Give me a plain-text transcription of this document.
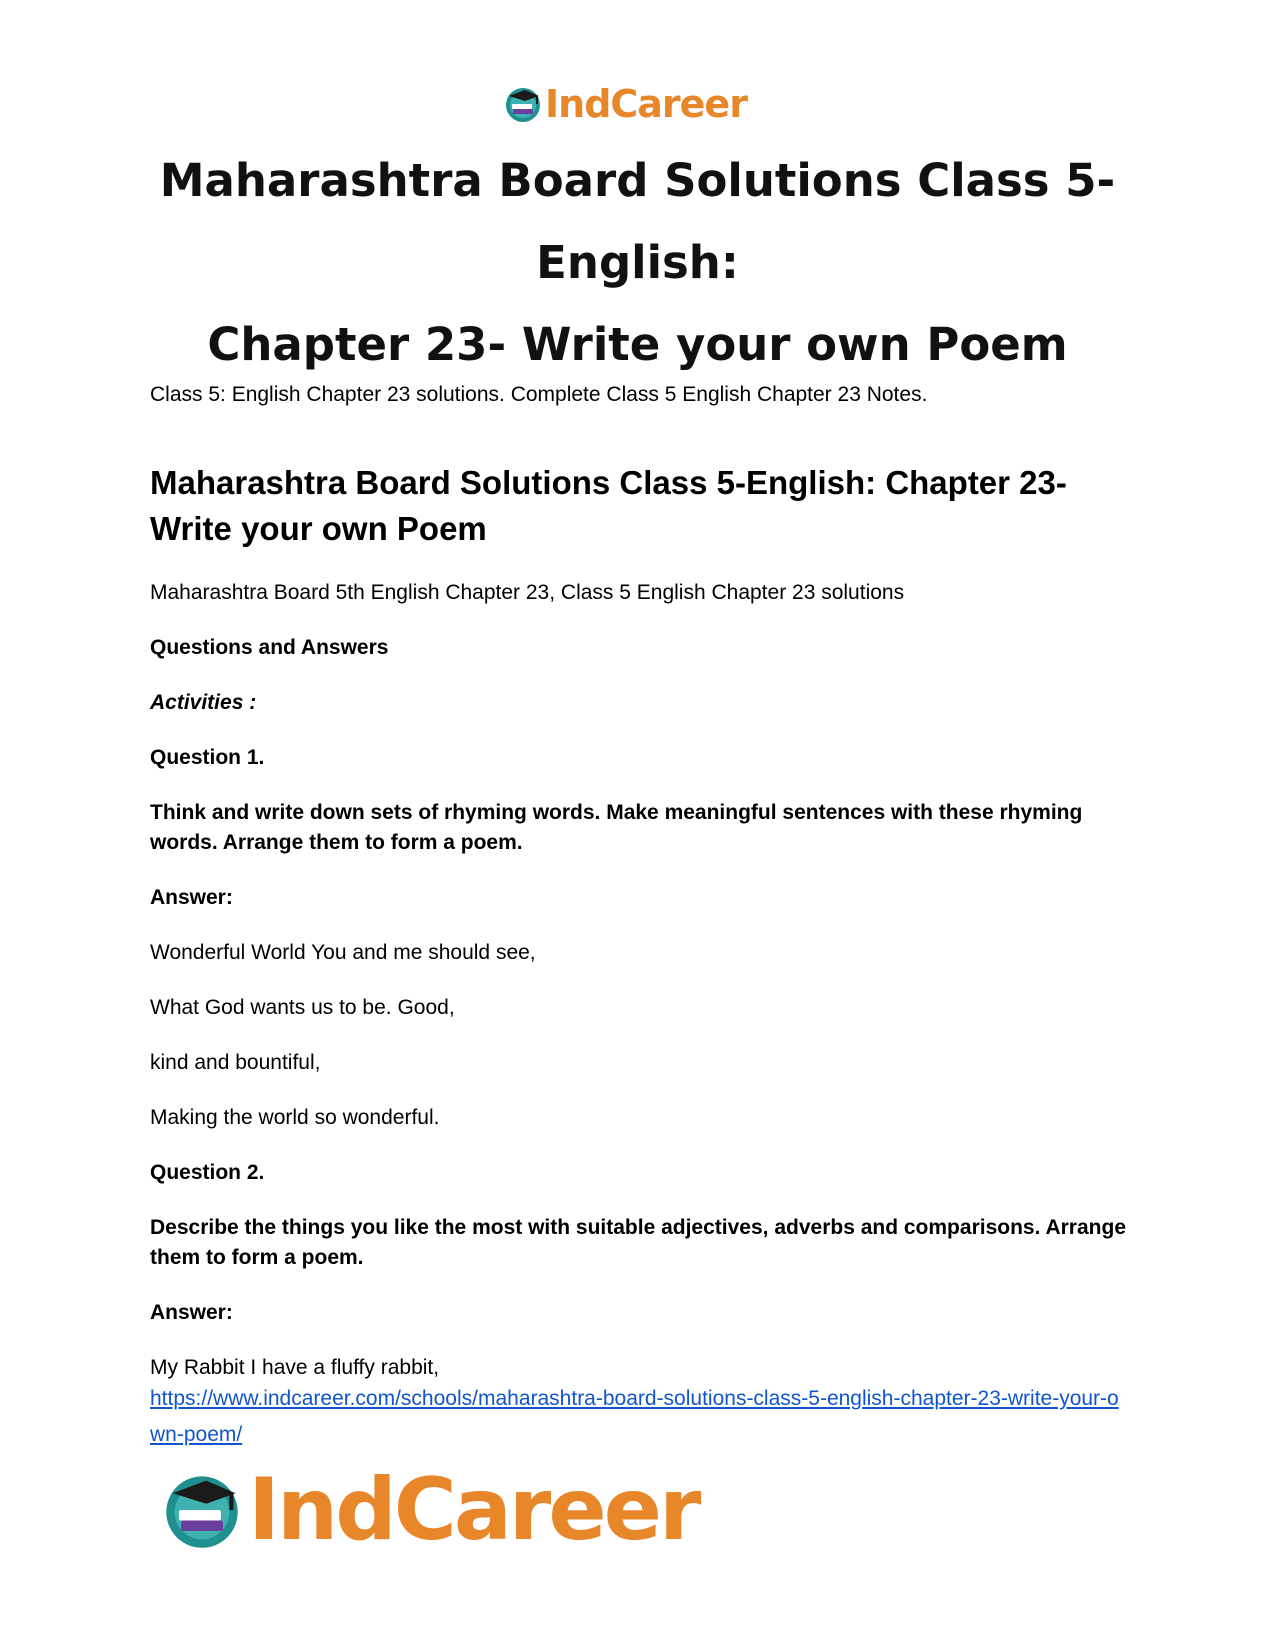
IndCareer
Maharashtra Board Solutions Class 5-English:
Chapter 23- Write your own Poem

Class 5: English Chapter 23 solutions. Complete Class 5 English Chapter 23 Notes.

Maharashtra Board Solutions Class 5-English: Chapter 23- Write your own Poem

Maharashtra Board 5th English Chapter 23, Class 5 English Chapter 23 solutions

Questions and Answers

Activities :

Question 1.

Think and write down sets of rhyming words. Make meaningful sentences with these rhyming words. Arrange them to form a poem.

Answer:

Wonderful World You and me should see,

What God wants us to be. Good,

kind and bountiful,

Making the world so wonderful.

Question 2.

Describe the things you like the most with suitable adjectives, adverbs and comparisons. Arrange them to form a poem.

Answer:

My Rabbit I have a fluffy rabbit,

https://www.indcareer.com/schools/maharashtra-board-solutions-class-5-english-chapter-23-write-your-own-poem/
IndCareer
